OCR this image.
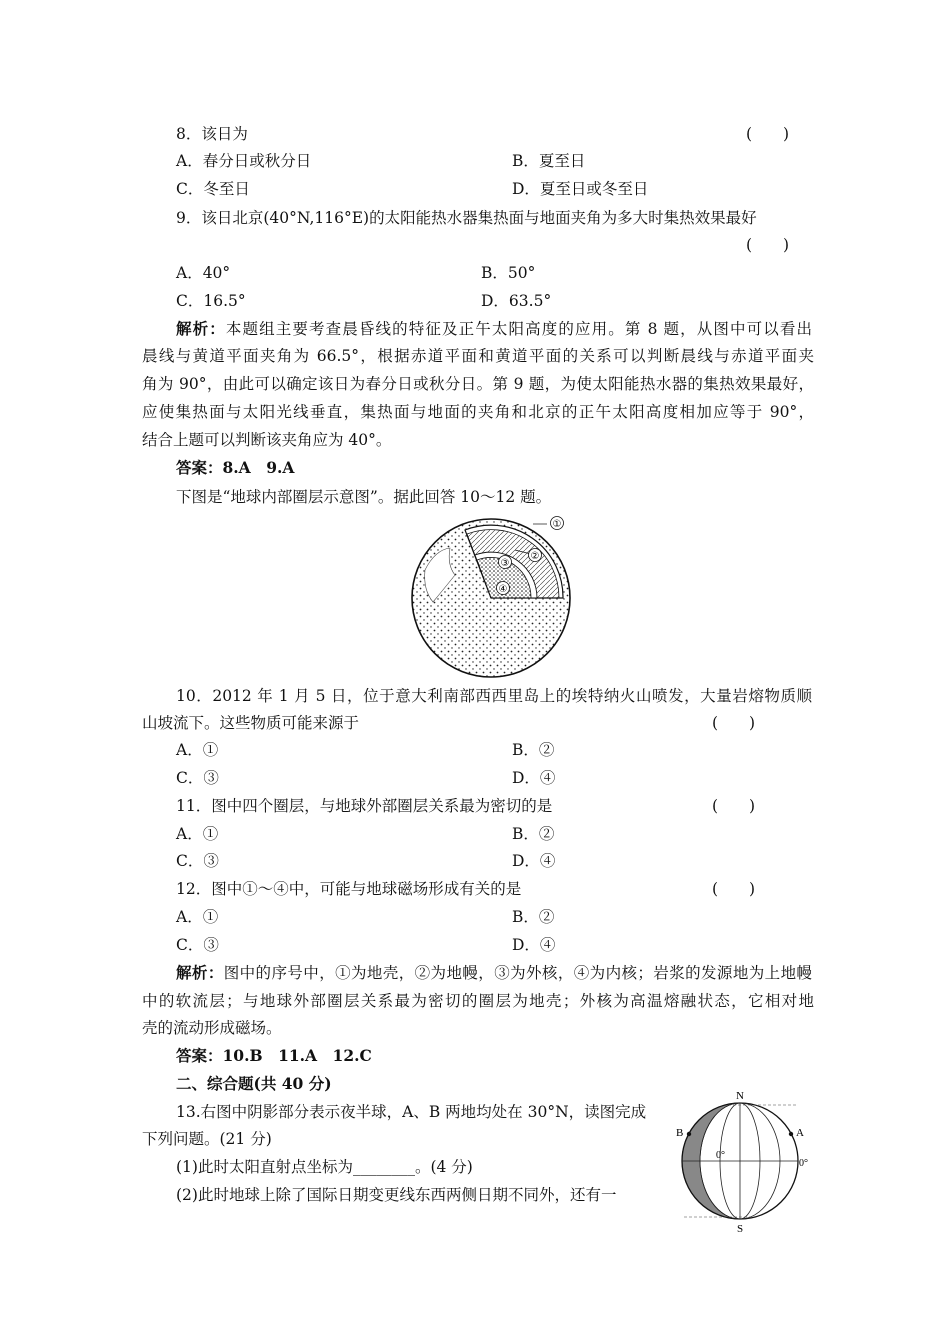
8．该日为	(　　)
A．春分日或秋分日	B．夏至日
C．冬至日	D．夏至日或冬至日
9．该日北京(40°N,116°E)的太阳能热水器集热面与地面夹角为多大时集热效果最好
(　　)
A．40°	B．50°
C．16.5°	D．63.5°
解析：本题组主要考查晨昏线的特征及正午太阳高度的应用。第 8 题，从图中可以看出
晨线与黄道平面夹角为 66.5°，根据赤道平面和黄道平面的关系可以判断晨线与赤道平面夹
角为 90°，由此可以确定该日为春分日或秋分日。第 9 题，为使太阳能热水器的集热效果最好，
应使集热面与太阳光线垂直，集热面与地面的夹角和北京的正午太阳高度相加应等于 90°，
结合上题可以判断该夹角应为 40°。
答案：8.A　9.A
下图是“地球内部圈层示意图”。据此回答 10～12 题。
①
②
③
④
10．2012 年 1 月 5 日，位于意大利南部西西里岛上的埃特纳火山喷发，大量岩熔物质顺
山坡流下。这些物质可能来源于	(　　)
A．①	B．②
C．③	D．④
11．图中四个圈层，与地球外部圈层关系最为密切的是	(　　)
A．①	B．②
C．③	D．④
12．图中①～④中，可能与地球磁场形成有关的是	(　　)
A．①	B．②
C．③	D．④
解析：图中的序号中，①为地壳，②为地幔，③为外核，④为内核；岩浆的发源地为上地幔
中的软流层；与地球外部圈层关系最为密切的圈层为地壳；外核为高温熔融状态，它相对地
壳的流动形成磁场。
答案：10.B　11.A　12.C
二、综合题(共 40 分)
13.右图中阴影部分表示夜半球，A、B 两地均处在 30°N，读图完成
下列问题。(21 分)
(1)此时太阳直射点坐标为________。(4 分)
(2)此时地球上除了国际日期变更线东西两侧日期不同外，还有一
N
S
B	A
0°
0°
